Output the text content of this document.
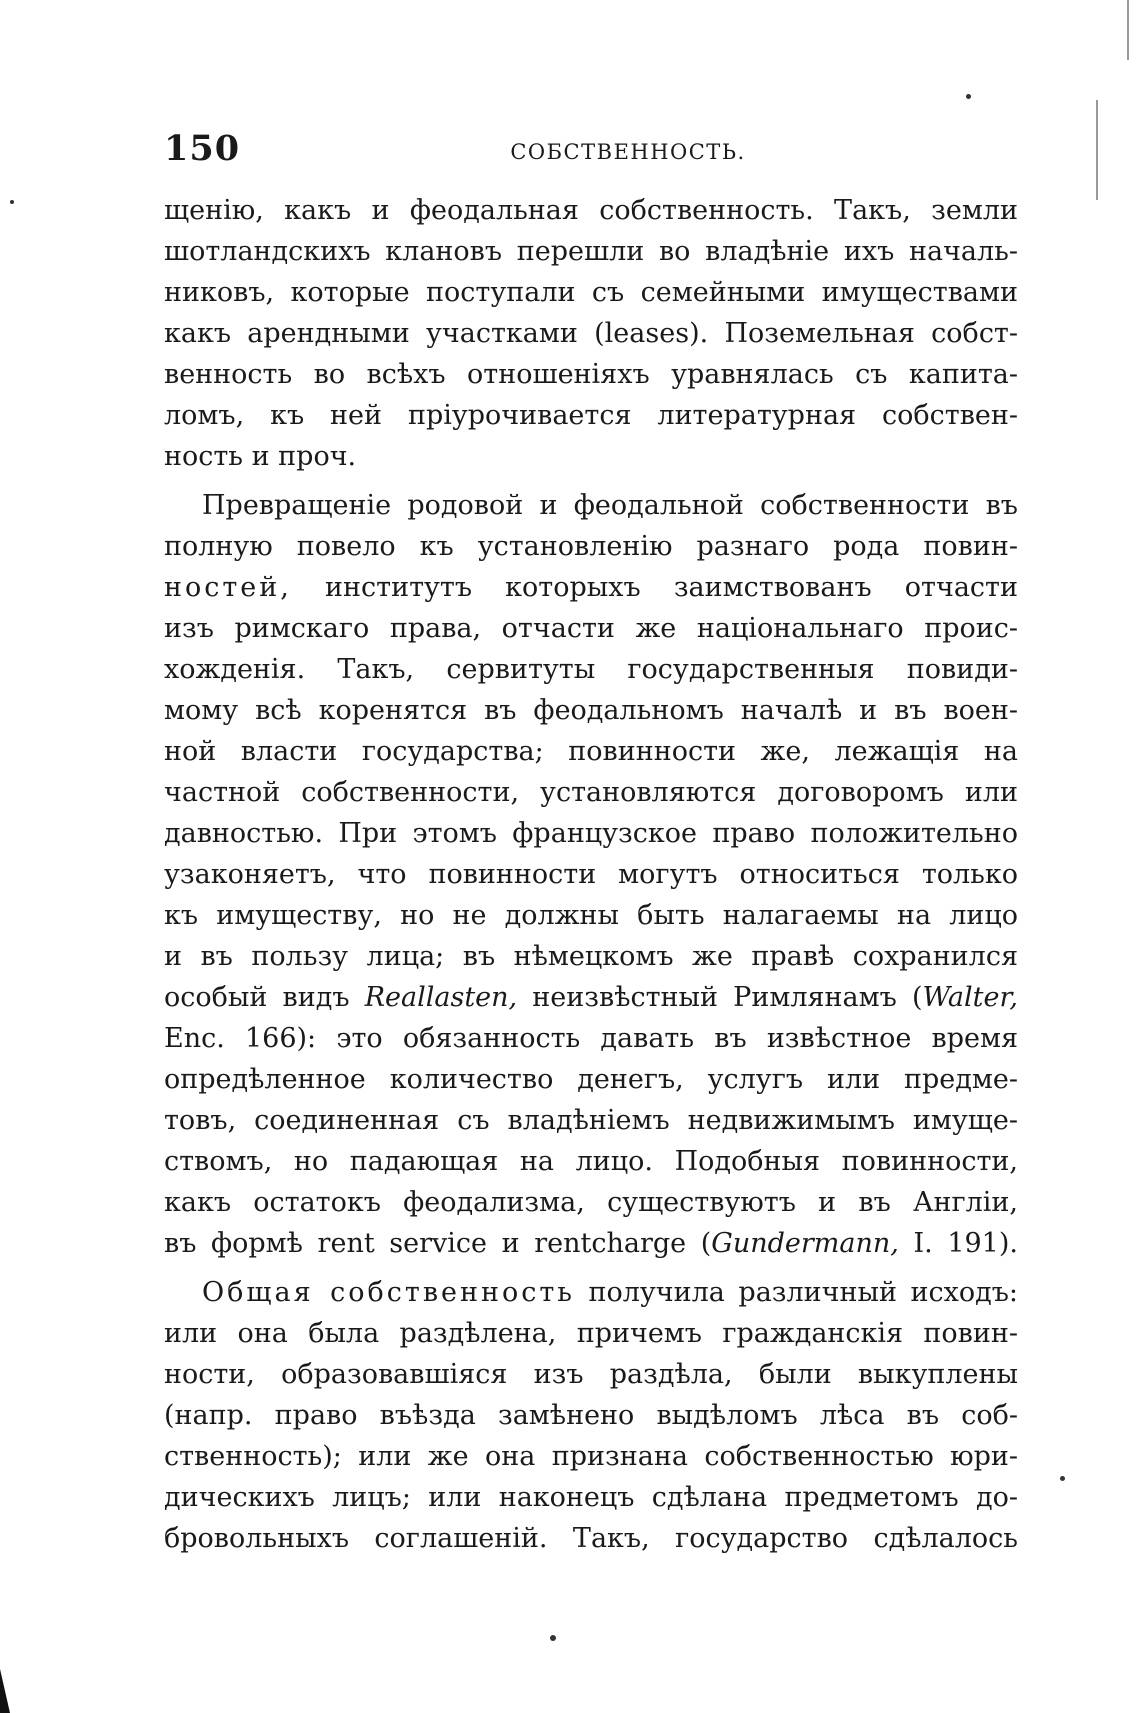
150	СОБСТВЕННОСТЬ.

щенію, какъ и феодальная собственность. Такъ, земли
шотландскихъ клановъ перешли во владѣніе ихъ началь-
никовъ, которые поступали съ семейными имуществами
какъ арендными участками (leases). Поземельная собст-
венность во всѣхъ отношеніяхъ уравнялась съ капита-
ломъ, къ ней пріурочивается литературная собствен-
ность и проч.

Превращеніе родовой и феодальной собственности въ
полную повело къ установленію разнаго рода повин-
ностей, институтъ которыхъ заимствованъ отчасти
изъ римскаго права, отчасти же національнаго проис-
хожденія. Такъ, сервитуты государственныя повиди-
мому всѣ коренятся въ феодальномъ началѣ и въ воен-
ной власти государства; повинности же, лежащія на
частной собственности, установляются договоромъ или
давностью. При этомъ французское право положительно
узаконяетъ, что повинности могутъ относиться только
къ имуществу, но не должны быть налагаемы на лицо
и въ пользу лица; въ нѣмецкомъ же правѣ сохранился
особый видъ Reallasten, неизвѣстный Римлянамъ (Walter,
Enc. 166): это обязанность давать въ извѣстное время
опредѣленное количество денегъ, услугъ или предме-
товъ, соединенная съ владѣніемъ недвижимымъ имуще-
ствомъ, но падающая на лицо. Подобныя повинности,
какъ остатокъ феодализма, существуютъ и въ Англіи,
въ формѣ rent service и rentcharge (Gundermann, I. 191).

Общая собственность получила различный исходъ:
или она была раздѣлена, причемъ гражданскія повин-
ности, образовавшіяся изъ раздѣла, были выкуплены
(напр. право въѣзда замѣнено выдѣломъ лѣса въ соб-
ственность); или же она признана собственностью юри-
дическихъ лицъ; или наконецъ сдѣлана предметомъ до-
бровольныхъ соглашеній. Такъ, государство сдѣлалось
